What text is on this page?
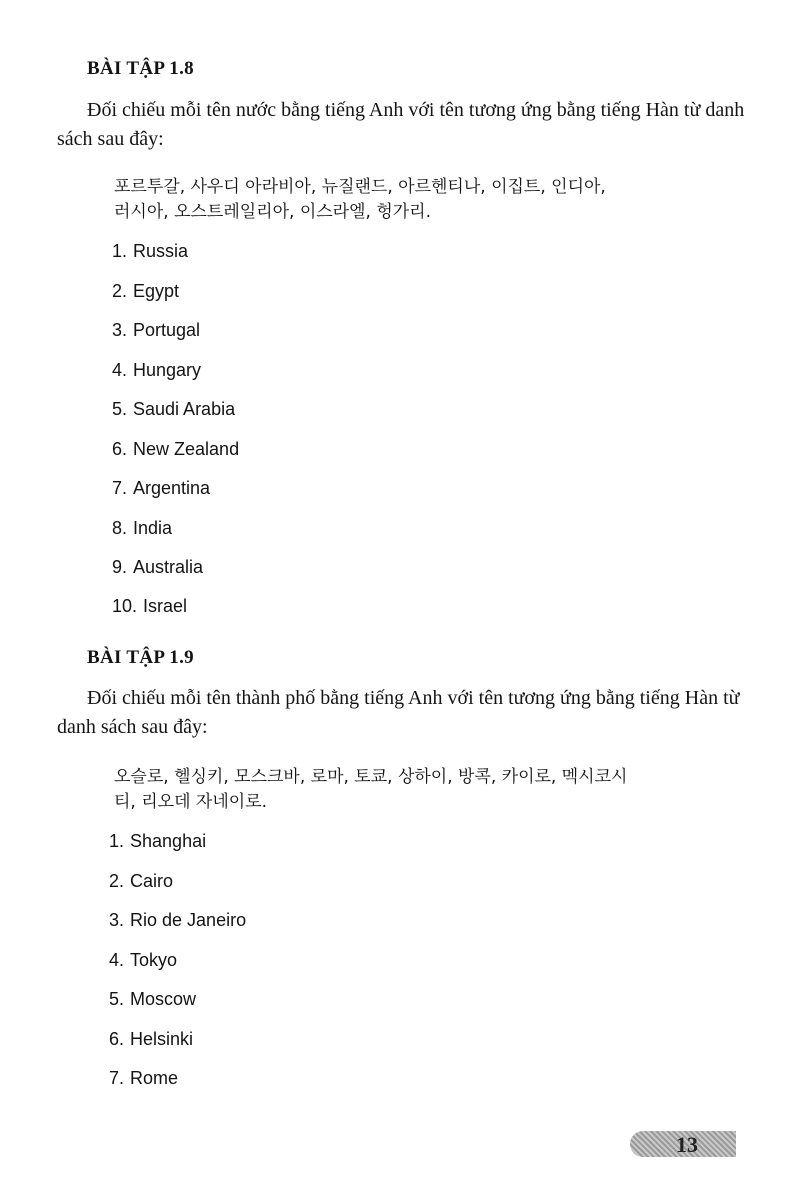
BÀI TẬP 1.8
Đối chiếu mỗi tên nước bằng tiếng Anh với tên tương ứng bằng tiếng Hàn từ danh sách sau đây:
포르투갈, 사우디 아라비아, 뉴질랜드, 아르헨티나, 이집트, 인디아,
러시아, 오스트레일리아, 이스라엘, 헝가리.
1. Russia
2. Egypt
3. Portugal
4. Hungary
5. Saudi Arabia
6. New Zealand
7. Argentina
8. India
9. Australia
10. Israel
BÀI TẬP 1.9
Đối chiếu mỗi tên thành phố bằng tiếng Anh với tên tương ứng bằng tiếng Hàn từ danh sách sau đây:
오슬로, 헬싱키, 모스크바, 로마, 토쿄, 상하이, 방콕, 카이로, 멕시코시
티, 리오데 자네이로.
1. Shanghai
2. Cairo
3. Rio de Janeiro
4. Tokyo
5. Moscow
6. Helsinki
7. Rome
13
